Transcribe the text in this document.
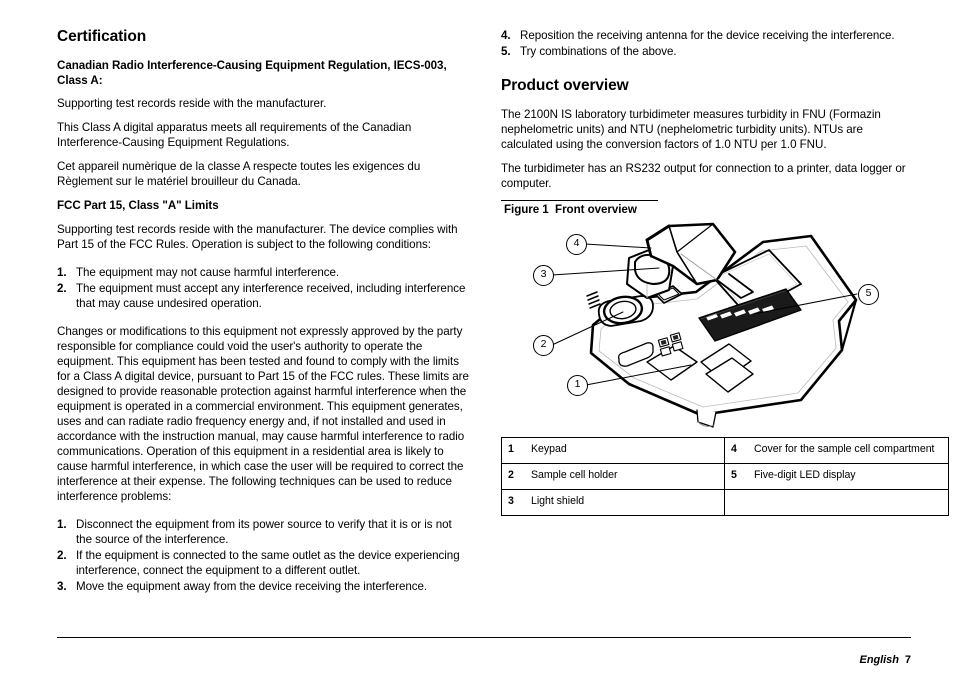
Certification
Canadian Radio Interference-Causing Equipment Regulation, IECS-003, Class A:

Supporting test records reside with the manufacturer.

This Class A digital apparatus meets all requirements of the Canadian Interference-Causing Equipment Regulations.

Cet appareil numèrique de la classe A respecte toutes les exigences du Règlement sur le matériel brouilleur du Canada.

FCC Part 15, Class "A" Limits

Supporting test records reside with the manufacturer. The device complies with Part 15 of the FCC Rules. Operation is subject to the following conditions:

1. The equipment may not cause harmful interference.
2. The equipment must accept any interference received, including interference that may cause undesired operation.

Changes or modifications to this equipment not expressly approved by the party responsible for compliance could void the user's authority to operate the equipment. This equipment has been tested and found to comply with the limits for a Class A digital device, pursuant to Part 15 of the FCC rules. These limits are designed to provide reasonable protection against harmful interference when the equipment is operated in a commercial environment. This equipment generates, uses and can radiate radio frequency energy and, if not installed and used in accordance with the instruction manual, may cause harmful interference to radio communications. Operation of this equipment in a residential area is likely to cause harmful interference, in which case the user will be required to correct the interference at their expense. The following techniques can be used to reduce interference problems:

1. Disconnect the equipment from its power source to verify that it is or is not the source of the interference.
2. If the equipment is connected to the same outlet as the device experiencing interference, connect the equipment to a different outlet.
3. Move the equipment away from the device receiving the interference.
4. Reposition the receiving antenna for the device receiving the interference.
5. Try combinations of the above.
Product overview

The 2100N IS laboratory turbidimeter measures turbidity in FNU (Formazin nephelometric units) and NTU (nephelometric turbidity units). NTUs are calculated using the conversion factors of 1.0 NTU per 1.0 FNU.

The turbidimeter has an RS232 output for connection to a printer, data logger or computer.

Figure 1  Front overview
4
3
2
1
5
1	Keypad	4	Cover for the sample cell compartment
2	Sample cell holder	5	Five-digit LED display
3	Light shield		

English 7
